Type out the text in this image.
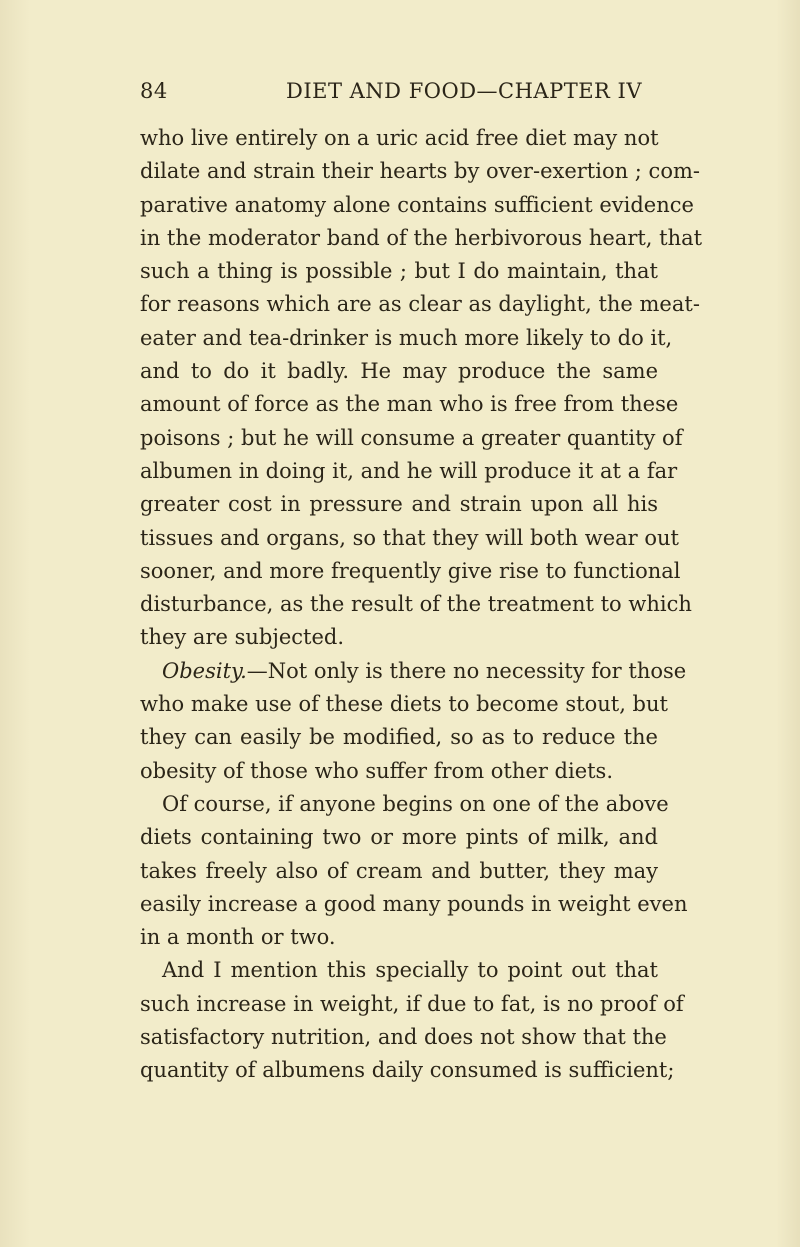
84	DIET AND FOOD—CHAPTER IV
who live entirely on a uric acid free diet may not
dilate and strain their hearts by over-exertion ; com-
parative anatomy alone contains sufficient evidence
in the moderator band of the herbivorous heart, that
such a thing is possible ; but I do maintain, that
for reasons which are as clear as daylight, the meat-
eater and tea-drinker is much more likely to do it,
and to do it badly. He may produce the same
amount of force as the man who is free from these
poisons ; but he will consume a greater quantity of
albumen in doing it, and he will produce it at a far
greater cost in pressure and strain upon all his
tissues and organs, so that they will both wear out
sooner, and more frequently give rise to functional
disturbance, as the result of the treatment to which
they are subjected.
Obesity.—Not only is there no necessity for those
who make use of these diets to become stout, but
they can easily be modified, so as to reduce the
obesity of those who suffer from other diets.
Of course, if anyone begins on one of the above
diets containing two or more pints of milk, and
takes freely also of cream and butter, they may
easily increase a good many pounds in weight even
in a month or two.
And I mention this specially to point out that
such increase in weight, if due to fat, is no proof of
satisfactory nutrition, and does not show that the
quantity of albumens daily consumed is sufficient;
